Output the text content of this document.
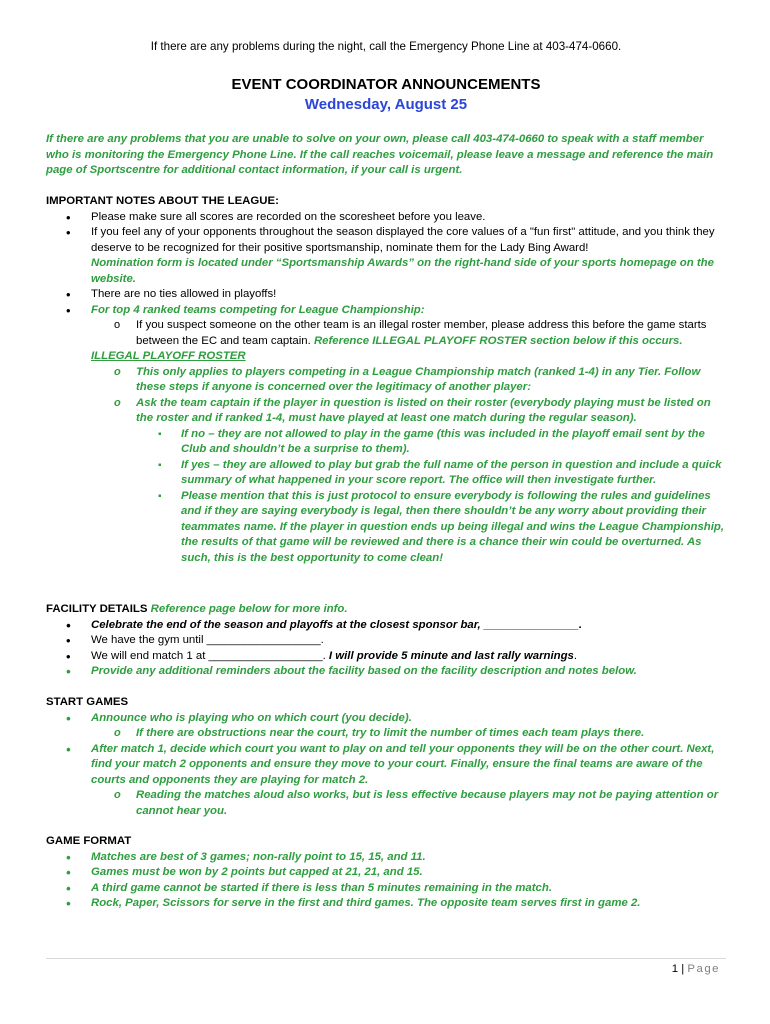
If there are any problems during the night, call the Emergency Phone Line at 403-474-0660.
EVENT COORDINATOR ANNOUNCEMENTS
Wednesday, August 25
If there are any problems that you are unable to solve on your own, please call 403-474-0660 to speak with a staff member who is monitoring the Emergency Phone Line. If the call reaches voicemail, please leave a message and reference the main page of Sportscentre for additional contact information, if your call is urgent.
IMPORTANT NOTES ABOUT THE LEAGUE:
• Please make sure all scores are recorded on the scoresheet before you leave.
• If you feel any of your opponents throughout the season displayed the core values of a "fun first" attitude, and you think they deserve to be recognized for their positive sportsmanship, nominate them for the Lady Bing Award!
Nomination form is located under “Sportsmanship Awards” on the right-hand side of your sports homepage on the website.
• There are no ties allowed in playoffs!
• For top 4 ranked teams competing for League Championship:
o If you suspect someone on the other team is an illegal roster member, please address this before the game starts between the EC and team captain. Reference ILLEGAL PLAYOFF ROSTER section below if this occurs.
ILLEGAL PLAYOFF ROSTER
o This only applies to players competing in a League Championship match (ranked 1-4) in any Tier. Follow these steps if anyone is concerned over the legitimacy of another player:
o Ask the team captain if the player in question is listed on their roster (everybody playing must be listed on the roster and if ranked 1-4, must have played at least one match during the regular season).
▪ If no – they are not allowed to play in the game (this was included in the playoff email sent by the Club and shouldn’t be a surprise to them).
▪ If yes – they are allowed to play but grab the full name of the person in question and include a quick summary of what happened in your score report. The office will then investigate further.
▪ Please mention that this is just protocol to ensure everybody is following the rules and guidelines and if they are saying everybody is legal, then there shouldn’t be any worry about providing their teammates name. If the player in question ends up being illegal and wins the League Championship, the results of that game will be reviewed and there is a chance their win could be overturned. As such, this is the best opportunity to come clean!
FACILITY DETAILS Reference page below for more info.
• Celebrate the end of the season and playoffs at the closest sponsor bar, _______________.
• We have the gym until __________________.
• We will end match 1 at __________________. I will provide 5 minute and last rally warnings.
• Provide any additional reminders about the facility based on the facility description and notes below.
START GAMES
• Announce who is playing who on which court (you decide).
o If there are obstructions near the court, try to limit the number of times each team plays there.
• After match 1, decide which court you want to play on and tell your opponents they will be on the other court. Next, find your match 2 opponents and ensure they move to your court. Finally, ensure the final teams are aware of the courts and opponents they are playing for match 2.
o Reading the matches aloud also works, but is less effective because players may not be paying attention or cannot hear you.
GAME FORMAT
• Matches are best of 3 games; non-rally point to 15, 15, and 11.
• Games must be won by 2 points but capped at 21, 21, and 15.
• A third game cannot be started if there is less than 5 minutes remaining in the match.
• Rock, Paper, Scissors for serve in the first and third games. The opposite team serves first in game 2.
1 | Page
